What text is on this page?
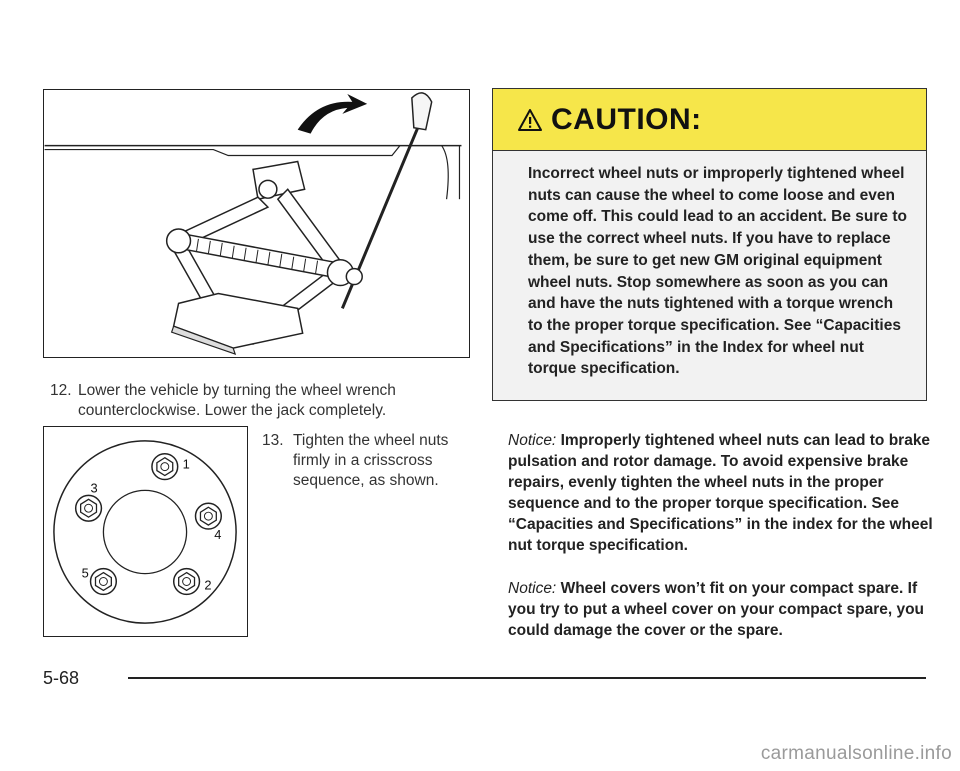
12. Lower the vehicle by turning the wheel wrench counterclockwise. Lower the jack completely.
1
2
3
4
5
13. Tighten the wheel nuts firmly in a crisscross sequence, as shown.
CAUTION:
Incorrect wheel nuts or improperly tightened wheel nuts can cause the wheel to come loose and even come off. This could lead to an accident. Be sure to use the correct wheel nuts. If you have to replace them, be sure to get new GM original equipment wheel nuts. Stop somewhere as soon as you can and have the nuts tightened with a torque wrench to the proper torque specification. See “Capacities and Specifications” in the Index for wheel nut torque specification.
Notice: Improperly tightened wheel nuts can lead to brake pulsation and rotor damage. To avoid expensive brake repairs, evenly tighten the wheel nuts in the proper sequence and to the proper torque specification. See “Capacities and Specifications” in the index for the wheel nut torque specification.
Notice: Wheel covers won’t fit on your compact spare. If you try to put a wheel cover on your compact spare, you could damage the cover or the spare.
5-68
carmanualsonline.info
